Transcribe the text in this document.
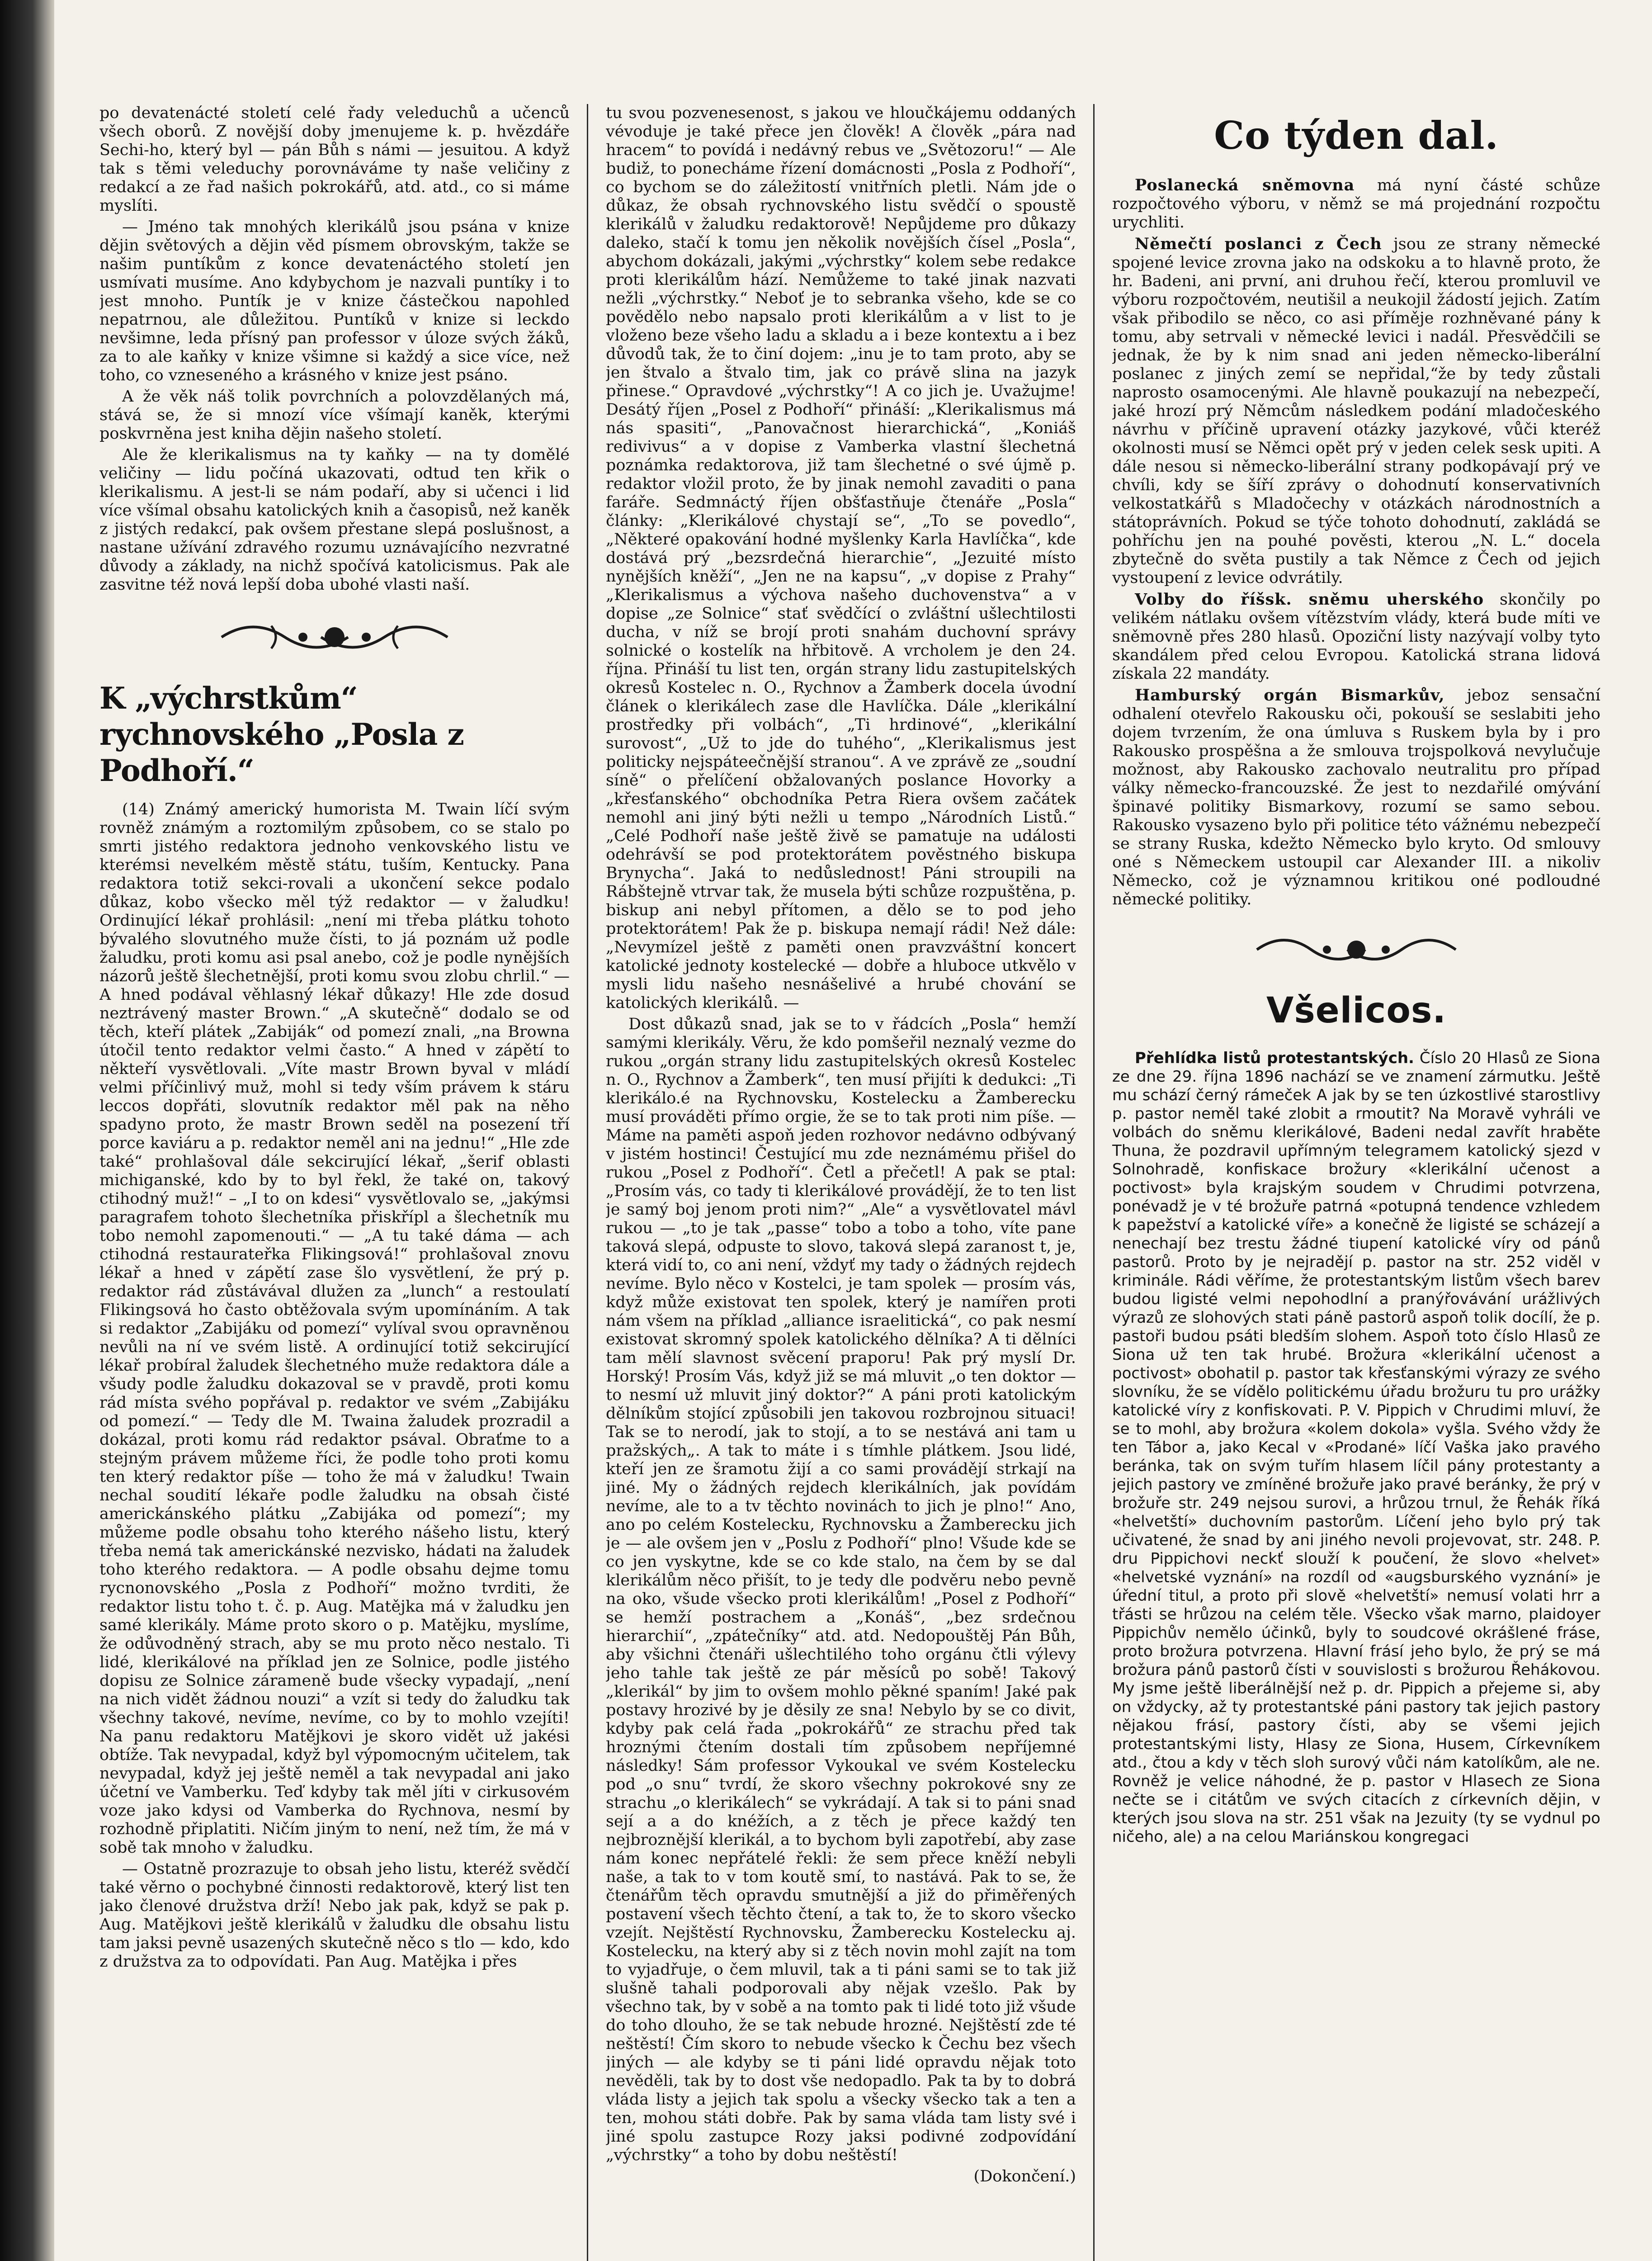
po devatenácté století celé řady veleduchů a učenců všech oborů. Z novější doby jmenujeme k. p. hvězdáře Sechi-ho, který byl — pán Bůh s námi — jesuitou. A když tak s těmi veleduchy porovnáváme ty naše veličiny z redakcí a ze řad našich pokrokářů, atd. atd., co si máme myslíti.

— Jméno tak mnohých klerikálů jsou psána v knize dějin světových a dějin věd písmem obrovským, takže se našim puntíkům z konce devatenáctého století jen usmívati musíme. Ano kdybychom je nazvali puntíky i to jest mnoho. Puntík je v knize částečkou napohled nepatrnou, ale důležitou. Puntíků v knize si leckdo nevšimne, leda přísný pan professor v úloze svých žáků, za to ale kaňky v knize všimne si každý a sice více, než toho, co vzneseného a krásného v knize jest psáno.

A že věk náš tolik povrchních a polovzdělaných má, stává se, že si mnozí více všímají kaněk, kterými poskvrněna jest kniha dějin našeho století.

Ale že klerikalismus na ty kaňky — na ty domělé veličiny — lidu počíná ukazovati, odtud ten křik o klerikalismu. A jest-li se nám podaří, aby si učenci i lid více všímal obsahu katolických knih a časopisů, než kaněk z jistých redakcí, pak ovšem přestane slepá poslušnost, a nastane užívání zdravého rozumu uznávajícího nezvratné důvody a základy, na nichž spočívá katolicismus. Pak ale zasvitne též nová lepší doba ubohé vlasti naší.

K „výchrstkům“ rychnovského „Posla z Podhoří.“

(14) Známý americký humorista M. Twain líčí svým rovněž známým a roztomilým způsobem, co se stalo po smrti jistého redaktora jednoho venkovského listu ve kterémsi nevelkém městě státu, tuším, Kentucky. Pana redaktora totiž sekci-rovali a ukončení sekce podalo důkaz, kobo všecko měl týž redaktor — v žaludku! Ordinující lékař prohlásil: „není mi třeba plátku tohoto bývalého slovutného muže čísti, to já poznám už podle žaludku, proti komu asi psal anebo, což je podle nynějších názorů ještě šlechetnější, proti komu svou zlobu chrlil.“ — A hned podával věhlasný lékař důkazy! Hle zde dosud neztrávený master Brown.“ „A skutečně“ dodalo se od těch, kteří plátek „Zabiják“ od pomezí znali, „na Browna útočil tento redaktor velmi často.“ A hned v zápětí to někteří vysvětlovali. „Víte mastr Brown byval v mládí velmi příčinlivý muž, mohl si tedy vším právem k stáru leccos dopřáti, slovutník redaktor měl pak na něho spadyno proto, že mastr Brown seděl na posezení tří porce kaviáru a p. redaktor neměl ani na jednu!“ „Hle zde také“ prohlašoval dále sekcirující lékař, „šerif oblasti michiganské, kdo by to byl řekl, že také on, takový ctihodný muž!“ – „I to on kdesi“ vysvětlovalo se, „jakýmsi paragrafem tohoto šlechetníka přiskřípl a šlechetník mu tobo nemohl zapomenouti.“ — „A tu také dáma — ach ctihodná restaurateřka Flikingsová!“ prohlašoval znovu lékař a hned v zápětí zase šlo vysvětlení, že prý p. redaktor rád zůstávával dlužen za „lunch“ a restoulatí Flikingsová ho často obtěžovala svým upomínáním. A tak si redaktor „Zabijáku od pomezí“ vylíval svou opravněnou nevůli na ní ve svém listě. A ordinující totiž sekcirující lékař probíral žaludek šlechetného muže redaktora dále a všudy podle žaludku dokazoval se v pravdě, proti komu rád místa svého popřával p. redaktor ve svém „Zabijáku od pomezí.“ — Tedy dle M. Twaina žaludek prozradil a dokázal, proti komu rád redaktor psával. Obraťme to a stejným právem můžeme říci, že podle toho proti komu ten který redaktor píše — toho že má v žaludku! Twain nechal soudití lékaře podle žaludku na obsah čisté americkánského plátku „Zabijáka od pomezí“; my můžeme podle obsahu toho kterého nášeho listu, který třeba nemá tak americkánské nezvisko, hádati na žaludek toho kterého redaktora. — A podle obsahu dejme tomu rycnonovského „Posla z Podhoří“ možno tvrditi, že redaktor listu toho t. č. p. Aug. Matějka má v žaludku jen samé klerikály. Máme proto skoro o p. Matějku, myslíme, že odůvodněný strach, aby se mu proto něco nestalo. Ti lidé, klerikálové na příklad jen ze Solnice, podle jistého dopisu ze Solnice zárameně bude všecky vypadají, „není na nich vidět žádnou nouzi“ a vzít si tedy do žaludku tak všechny takové, nevíme, nevíme, co by to mohlo vzejíti! Na panu redaktoru Matějkovi je skoro vidět už jakési obtíže. Tak nevypadal, když byl výpomocným učitelem, tak nevypadal, když jej ještě neměl a tak nevypadal ani jako účetní ve Vamberku. Teď kdyby tak měl jíti v cirkusovém voze jako kdysi od Vamberka do Rychnova, nesmí by rozhodně připlatiti. Ničím jiným to není, než tím, že má v sobě tak mnoho v žaludku.

— Ostatně prozrazuje to obsah jeho listu, kteréž svědčí také věrno o pochybné činnosti redaktorově, který list ten jako členové družstva drží! Nebo jak pak, když se pak p. Aug. Matějkovi ještě klerikálů v žaludku dle obsahu listu tam jaksi pevně usazených skutečně něco s tlo — kdo, kdo z družstva za to odpovídati. Pan Aug. Matějka i přes

tu svou pozvenesenost, s jakou ve hloučkájemu oddaných vévoduje je také přece jen člověk! A člověk „pára nad hracem“ to povídá i nedávný rebus ve „Světozoru!“ — Ale budiž, to ponecháme řízení domácnosti „Posla z Podhoří“, co bychom se do záležitostí vnitřních pletli. Nám jde o důkaz, že obsah rychnovského listu svědčí o spoustě klerikálů v žaludku redaktorově! Nepůjdeme pro důkazy daleko, stačí k tomu jen několik novějších čísel „Posla“, abychom dokázali, jakými „výchrstky“ kolem sebe redakce proti klerikálům hází. Nemůžeme to také jinak nazvati nežli „výchrstky.“ Neboť je to sebranka všeho, kde se co povědělo nebo napsalo proti klerikálům a v list to je vloženo beze všeho ladu a skladu a i beze kontextu a i bez důvodů tak, že to činí dojem: „inu je to tam proto, aby se jen štvalo a štvalo tim, jak co právě slina na jazyk přinese.“ Opravdové „výchrstky“! A co jich je. Uvažujme! Desátý říjen „Posel z Podhoří“ přináší: „Klerikalismus má nás spasiti“, „Panovačnost hierarchická“, „Koniáš redivivus“ a v dopise z Vamberka vlastní šlechetná poznámka redaktorova, již tam šlechetné o své újmě p. redaktor vložil proto, že by jinak nemohl zavaditi o pana faráře. Sedmnáctý říjen obšťastňuje čtenáře „Posla“ články: „Klerikálové chystají se“, „To se povedlo“, „Některé opakování hodné myšlenky Karla Havlíčka“, kde dostává prý „bezsrdečná hierarchie“, „Jezuité místo nynějších kněží“, „Jen ne na kapsu“, „v dopise z Prahy“ „Klerikalismus a výchova našeho duchovenstva“ a v dopise „ze Solnice“ stať svědčící o zvláštní ušlechtilosti ducha, v níž se brojí proti snahám duchovní správy solnické o kostelík na hřbitově. A vrcholem je den 24. října. Přináší tu list ten, orgán strany lidu zastupitelských okresů Kostelec n. O., Rychnov a Žamberk docela úvodní článek o klerikálech zase dle Havlíčka. Dále „klerikální prostředky při volbách“, „Ti hrdinové“, „klerikální surovost“, „Už to jde do tuhého“, „Klerikalismus jest politicky nejspáteečnější stranou“. A ve zprávě ze „soudní síně“ o přelíčení obžalovaných poslance Hovorky a „křesťanského“ obchodníka Petra Riera ovšem začátek nemohl ani jiný býti nežli u tempo „Národních Listů.“ „Celé Podhoří naše ještě živě se pamatuje na události odehrávší se pod protektorátem pověstného biskupa Brynycha“. Jaká to nedůslednost! Páni stroupili na Rábštejně vtrvar tak, že musela býti schůze rozpuštěna, p. biskup ani nebyl přítomen, a dělo se to pod jeho protektorátem! Pak že p. biskupa nemají rádi! Než dále: „Nevymízel ještě z paměti onen pravzváštní koncert katolické jednoty kostelecké — dobře a hluboce utkvělo v mysli lidu našeho nesnášelivé a hrubé chování se katolických klerikálů. —

Dost důkazů snad, jak se to v řádcích „Posla“ hemží samými klerikály. Věru, že kdo pomšeřil neznalý vezme do rukou „orgán strany lidu zastupitelských okresů Kostelec n. O., Rychnov a Žamberk“, ten musí přijíti k dedukci: „Ti klerikálo.é na Rychnovsku, Kostelecku a Žamberecku musí prováděti přímo orgie, že se to tak proti nim píše. — Máme na paměti aspoň jeden rozhovor nedávno odbývaný v jistém hostinci! Čestující mu zde neznámému přišel do rukou „Posel z Podhoří“. Četl a přečetl! A pak se ptal: „Prosím vás, co tady ti klerikálové provádějí, že to ten list je samý boj jenom proti nim?“ „Ale“ a vysvětlovatel mávl rukou — „to je tak „passe“ tobo a tobo a toho, víte pane taková slepá, odpuste to slovo, taková slepá zaranost t, je, která vidí to, co ani není, vždyť my tady o žádných rejdech nevíme. Bylo něco v Kostelci, je tam spolek — prosím vás, když může existovat ten spolek, který je namířen proti nám všem na příklad „alliance israelitická“, co pak nesmí existovat skromný spolek katolického dělníka? A ti dělníci tam mělí slavnost svěcení praporu! Pak prý myslí Dr. Horský! Prosím Vás, když již se má mluvit „o ten doktor — to nesmí už mluvit jiný doktor?“ A páni proti katolickým dělníkům stojící způsobili jen takovou rozbrojnou situaci! Tak se to nerodí, jak to stojí, a to se nestává ani tam u pražských„. A tak to máte i s tímhle plátkem. Jsou lidé, kteří jen ze šramotu žijí a co sami provádějí strkají na jiné. My o žádných rejdech klerikálních, jak povídám nevíme, ale to a tv těchto novinách to jich je plno!“ Ano, ano po celém Kostelecku, Rychnovsku a Žamberecku jich je — ale ovšem jen v „Poslu z Podhoří“ plno! Všude kde se co jen vyskytne, kde se co kde stalo, na čem by se dal klerikálům něco přišít, to je tedy dle podvěru nebo pevně na oko, všude všecko proti klerikálům! „Posel z Podhoří“ se hemží postrachem a „Konáš“, „bez srdečnou hierarchií“, „zpátečníky“ atd. atd. Nedopouštěj Pán Bůh, aby všichni čtenáři ušlechtilého toho orgánu čtli výlevy jeho tahle tak ještě ze pár měsíců po sobě! Takový „klerikál“ by jim to ovšem mohlo pěkné spaním! Jaké pak postavy hrozivé by je děsily ze sna! Nebylo by se co divit, kdyby pak celá řada „pokrokářů“ ze strachu před tak hroznými čtením dostali tím způsobem nepříjemné následky! Sám professor Vykoukal ve svém Kostelecku pod „o snu“ tvrdí, že skoro všechny pokrokové sny ze strachu „o klerikálech“ se vykrádají. A tak si to páni snad sejí a a do knéžích, a z těch je přece každý ten nejbroznější klerikál, a to bychom byli zapotřebí, aby zase nám konec nepřátelé řekli: že sem přece kněží nebyli naše, a tak to v tom koutě smí, to nastává. Pak to se, že čtenářům těch opravdu smutnější a již do přiměřených postavení všech těchto čtení, a tak to, že to skoro všecko vzejít. Nejštěstí Rychnovsku, Žamberecku Kostelecku aj. Kostelecku, na který aby si z těch novin mohl zajít na tom to vyjadřuje, o čem mluvil, tak a ti páni sami se to tak již slušně tahali podporovali aby nějak vzešlo. Pak by všechno tak, by v sobě a na tomto pak ti lidé toto již všude do toho dlouho, že se tak nebude hrozné. Nejštěstí zde té neštěstí! Čím skoro to nebude všecko k Čechu bez všech jiných — ale kdyby se ti páni lidé opravdu nějak toto nevěděli, tak by to dost vše nedopadlo. Pak ta by to dobrá vláda listy a jejich tak spolu a všecky všecko tak a ten a ten, mohou státi dobře. Pak by sama vláda tam listy své i jiné spolu zastupce Rozy jaksi podivné zodpovídání „výchrstky“ a toho by dobu neštěstí!

(Dokončení.)
Co týden dal.

Poslanecká sněmovna má nyní částé schůze rozpočtového výboru, v němž se má projednání rozpočtu urychliti.

Němečtí poslanci z Čech jsou ze strany německé spojené levice zrovna jako na odskoku a to hlavně proto, že hr. Badeni, ani první, ani druhou řečí, kterou promluvil ve výboru rozpočtovém, neutišil a neukojil žádostí jejich. Zatím však přibodilo se něco, co asi příměje rozhněvané pány k tomu, aby setrvali v německé levici i nadál. Přesvědčili se jednak, že by k nim snad ani jeden německo-liberální poslanec z jiných zemí se nepřidal,“že by tedy zůstali naprosto osamocenými. Ale hlavně poukazují na nebezpečí, jaké hrozí prý Němcům následkem podání mladočeského návrhu v příčině upravení otázky jazykové, vůči kteréž okolnosti musí se Němci opět prý v jeden celek sesk upiti. A dále nesou si německo-liberální strany podkopávají prý ve chvíli, kdy se šíří zprávy o dohodnutí konservativních velkostatkářů s Mladočechy v otázkách národnostních a státoprávních. Pokud se týče tohoto dohodnutí, zakládá se pohříchu jen na pouhé pověsti, kterou „N. L.“ docela zbytečně do světa pustily a tak Němce z Čech od jejich vystoupení z levice odvrátily.

Volby do říšsk. sněmu uherského skončily po velikém nátlaku ovšem vítězstvím vlády, která bude míti ve sněmovně přes 280 hlasů. Opoziční listy nazývají volby tyto skandálem před celou Evropou. Katolická strana lidová získala 22 mandáty.

Hamburský orgán Bismarkův, jeboz sensační odhalení otevřelo Rakousku oči, pokouší se seslabiti jeho dojem tvrzením, že ona úmluva s Ruskem byla by i pro Rakousko prospěšna a že smlouva trojspolková nevylučuje možnost, aby Rakousko zachovalo neutralitu pro případ války německo-francouzské. Že jest to nezdařilé omývání špinavé politiky Bismarkovy, rozumí se samo sebou. Rakousko vysazeno bylo při politice této vážnému nebezpečí se strany Ruska, kdežto Německo bylo kryto. Od smlouvy oné s Německem ustoupil car Alexander III. a nikoliv Německo, což je významnou kritikou oné podloudné německé politiky.

Všelicos.

Přehlídka listů protestantských. Číslo 20 Hlasů ze Siona ze dne 29. října 1896 nachází se ve znamení zármutku. Ještě mu schází černý rámeček A jak by se ten úzkostlivé starostlivy p. pastor neměl také zlobit a rmoutit? Na Moravě vyhráli ve volbách do sněmu klerikálové, Badeni nedal zavřít hraběte Thuna, že pozdravil upřímným telegramem katolický sjezd v Solnohradě, konfiskace brožury «klerikální učenost a poctivost» byla krajským soudem v Chrudimi potvrzena, ponévadž je v té brožuře patrná «potupná tendence vzhledem k papežství a katolické víře» a konečně že ligisté se scházejí a nenechají bez trestu žádné tiupení katolické víry od pánů pastorů. Proto by je nejradějí p. pastor na str. 252 viděl v kriminále. Rádi věříme, že protestantským listům všech barev budou ligisté velmi nepohodlní a pranýřovávání urážlivých výrazů ze slohových stati páně pastorů aspoň tolik docílí, že p. pastoři budou psáti bledším slohem. Aspoň toto číslo Hlasů ze Siona už ten tak hrubé. Brožura «klerikální učenost a poctivost» obohatil p. pastor tak křesťanskými výrazy ze svého slovníku, že se vídělo politickému úřadu brožuru tu pro urážky katolické víry z konfiskovati. P. V. Pippich v Chrudimi mluví, že se to mohl, aby brožura «kolem dokola» vyšla. Svého vždy že ten Tábor a, jako Kecal v «Prodané» líčí Vaška jako pravého beránka, tak on svým tuřím hlasem líčil pány protestanty a jejich pastory ve zmíněné brožuře jako pravé beránky, že prý v brožuře str. 249 nejsou surovi, a hrůzou trnul, že Řehák říká «helvetští» duchovním pastorům. Líčení jeho bylo prý tak učivatené, že snad by ani jiného nevoli projevovat, str. 248. P. dru Pippichovi neckť slouží k poučení, že slovo «helvet» «helvetské vyznání» na rozdíl od «augsburského vyznání» je úřední titul, a proto při slově «helvetští» nemusí volati hrr a třásti se hrůzou na celém těle. Všecko však marno, plaidoyer Pippichův nemělo účinků, byly to soudcové okrášlené fráse, proto brožura potvrzena. Hlavní frásí jeho bylo, že prý se má brožura pánů pastorů čísti v souvislosti s brožurou Řehákovou. My jsme ještě liberálnější než p. dr. Pippich a přejeme si, aby on vždycky, až ty protestantské páni pastory tak jejich pastory nějakou frásí, pastory čísti, aby se všemi jejich protestantskými listy, Hlasy ze Siona, Husem, Církevníkem atd., čtou a kdy v těch sloh surový vůči nám katolíkům, ale ne. Rovněž je velice náhodné, že p. pastor v Hlasech ze Siona nečte se i citátům ve svých citacích z církevních dějin, v kterých jsou slova na str. 251 však na Jezuity (ty se vydnul po ničeho, ale) a na celou Mariánskou kongregaci
